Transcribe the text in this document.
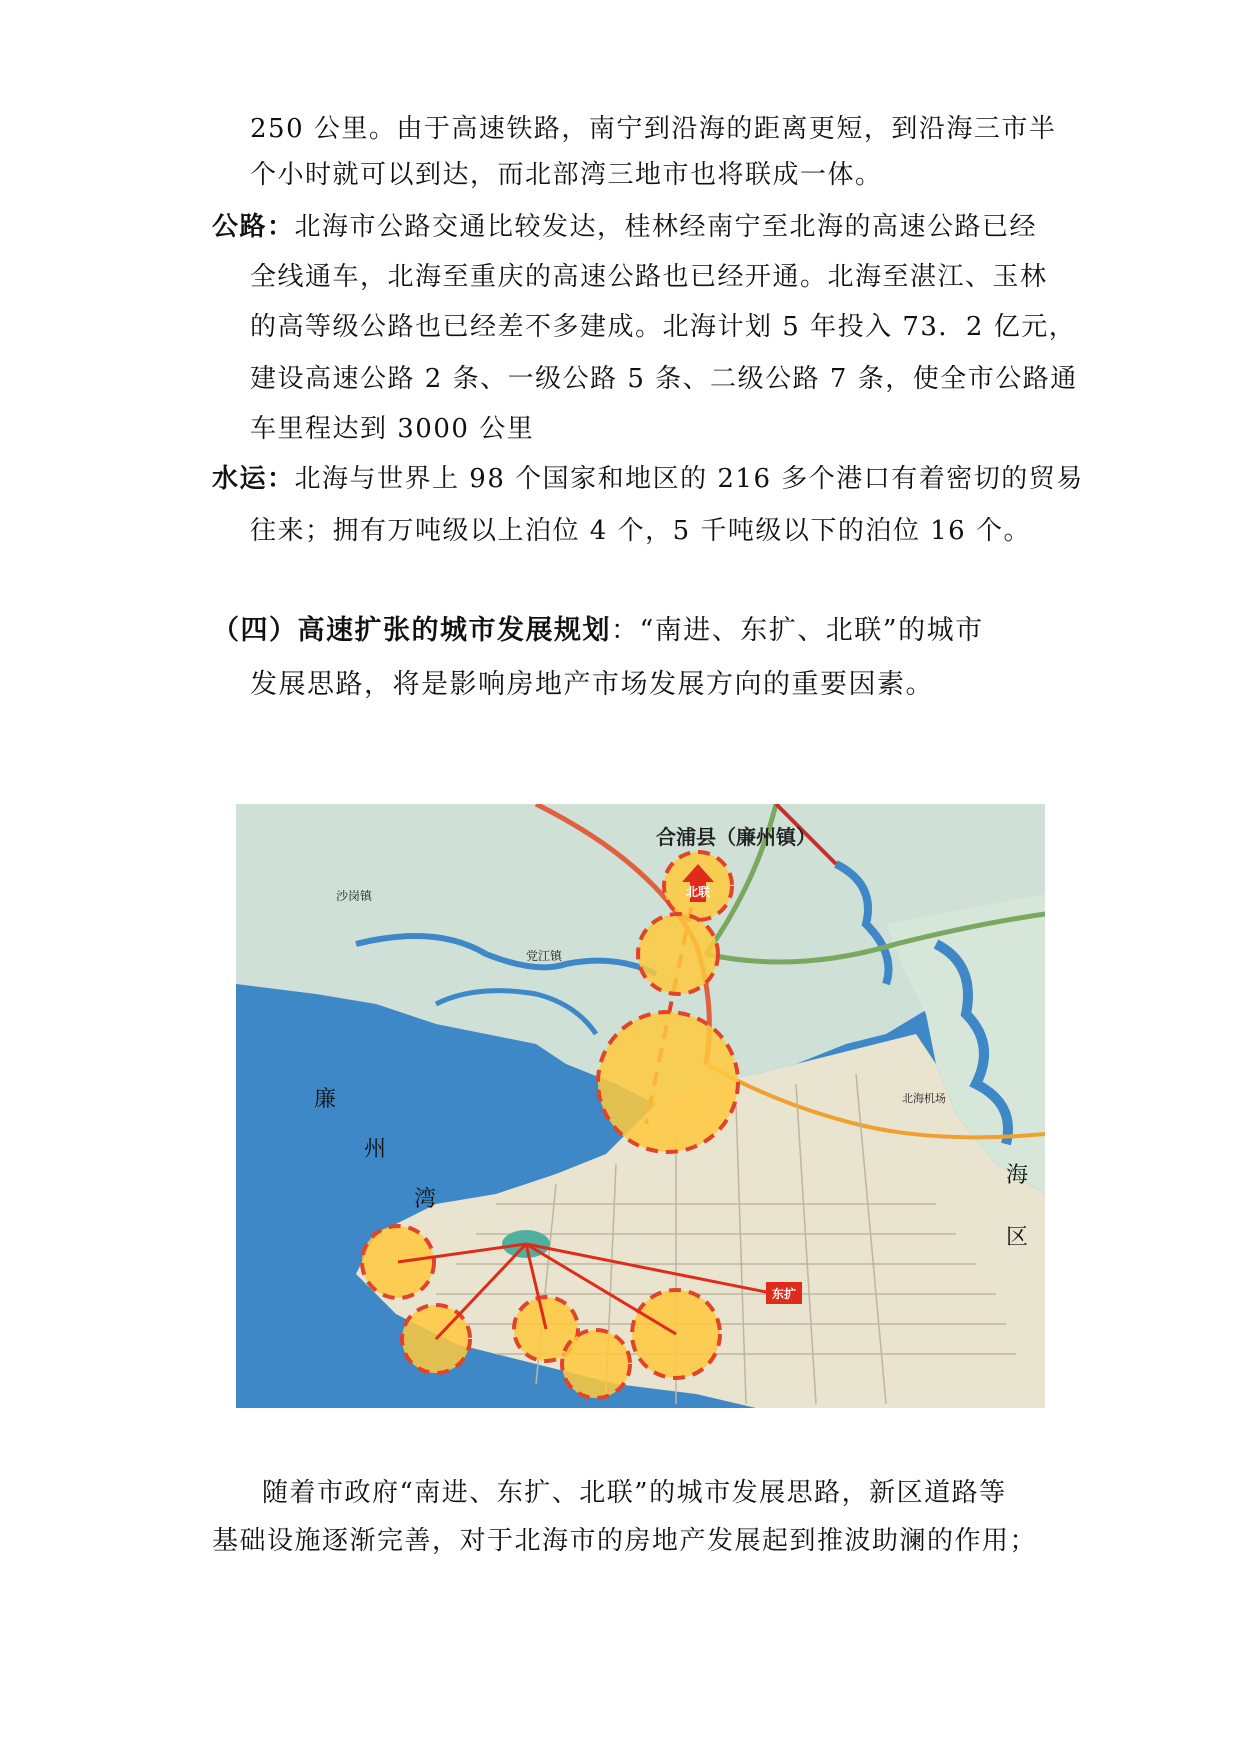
250 公里。由于高速铁路，南宁到沿海的距离更短，到沿海三市半
个小时就可以到达，而北部湾三地市也将联成一体。
公路：北海市公路交通比较发达，桂林经南宁至北海的高速公路已经
全线通车，北海至重庆的高速公路也已经开通。北海至湛江、玉林
的高等级公路也已经差不多建成。北海计划 5 年投入 73．2 亿元，
建设高速公路 2 条、一级公路 5 条、二级公路 7 条，使全市公路通
车里程达到 3000 公里
水运：北海与世界上 98 个国家和地区的 216 多个港口有着密切的贸易
往来；拥有万吨级以上泊位 4 个，5 千吨级以下的泊位 16 个。
（四）高速扩张的城市发展规划：“南进、东扩、北联”的城市
发展思路，将是影响房地产市场发展方向的重要因素。
北联
东扩
合浦县（廉州镇）
沙岗镇
党江镇
廉
州
湾
海
区
北海机场
随着市政府“南进、东扩、北联”的城市发展思路，新区道路等
基础设施逐渐完善，对于北海市的房地产发展起到推波助澜的作用；
